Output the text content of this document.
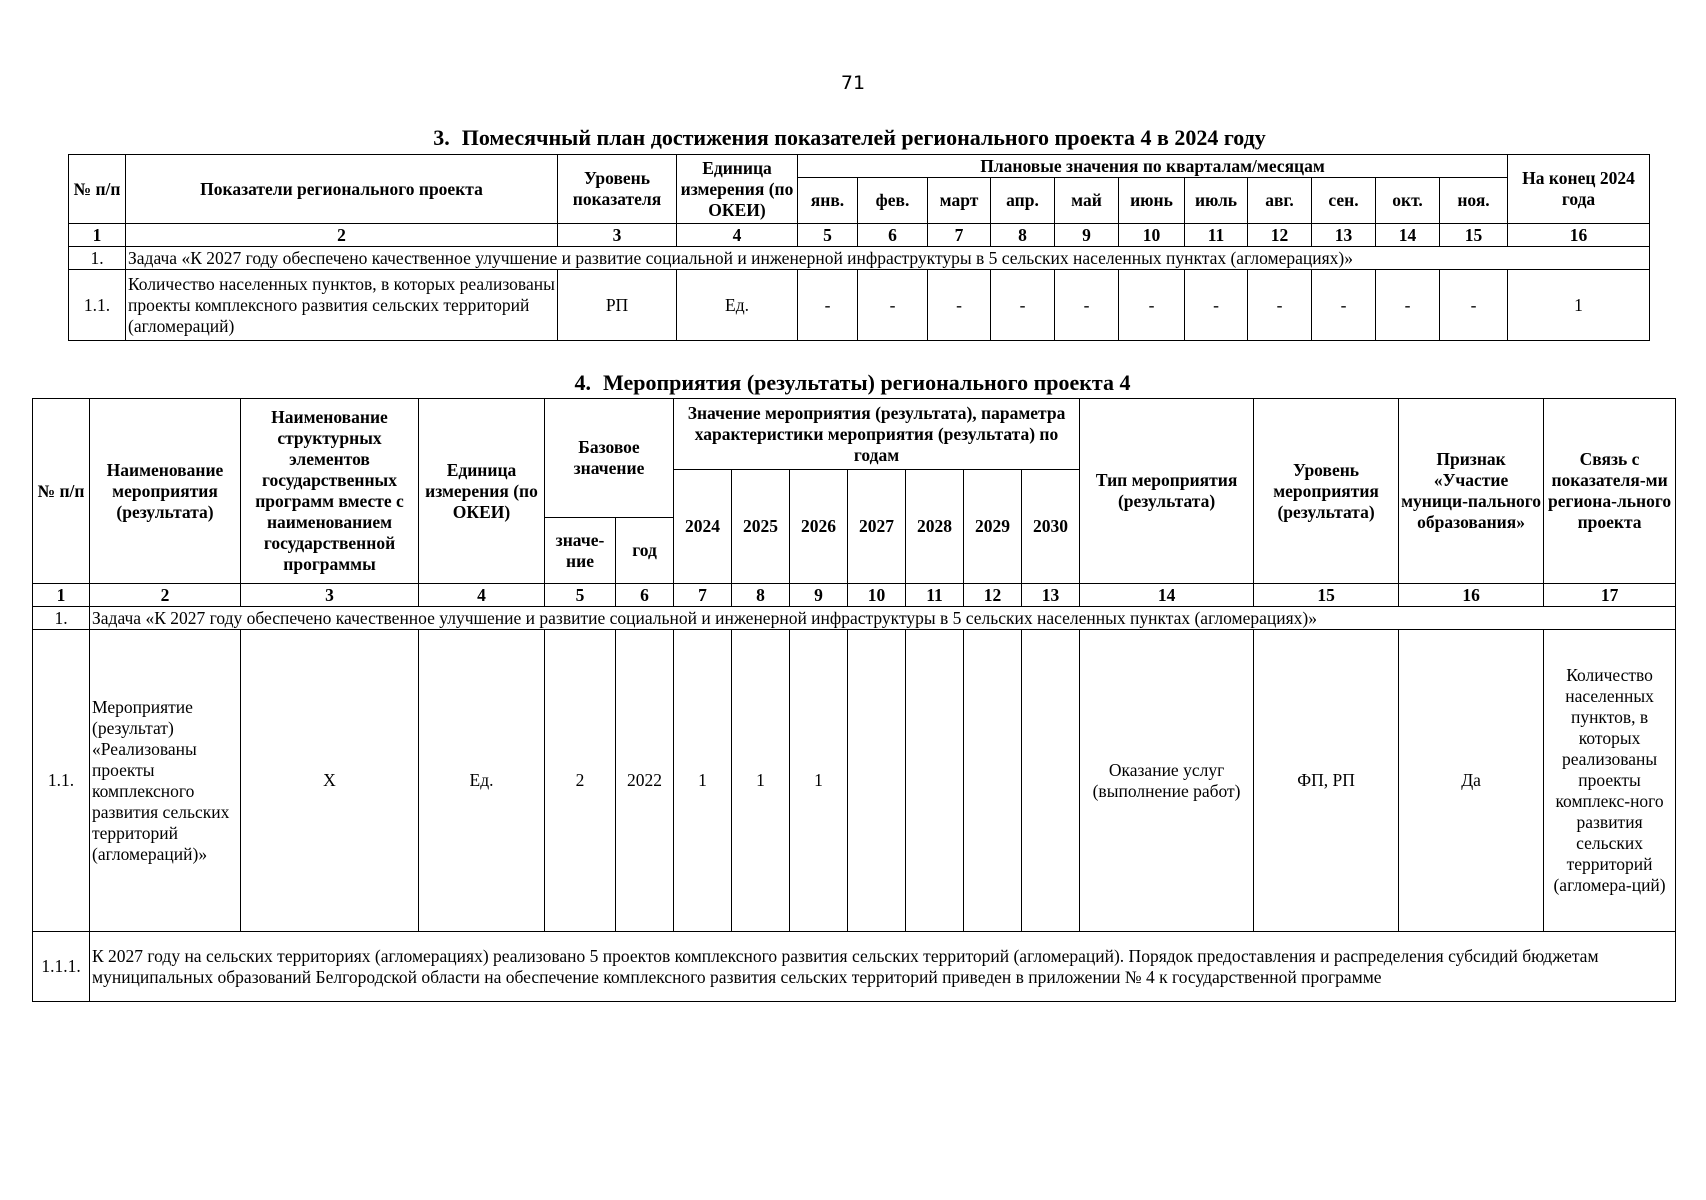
71
3. Помесячный план достижения показателей регионального проекта 4 в 2024 году
№ п/п	Показатели регионального проекта	Уровень показателя	Единица измерения (по ОКЕИ)	Плановые значения по кварталам/месяцам											На конец 2024 года
				янв.	фев.	март	апр.	май	июнь	июль	авг.	сен.	окт.	ноя.	
1	2	3	4	5	6	7	8	9	10	11	12	13	14	15	16
1.	Задача «К 2027 году обеспечено качественное улучшение и развитие социальной и инженерной инфраструктуры в 5 сельских населенных пунктах (агломерациях)»														
1.1.	Количество населенных пунктов, в которых реализованы проекты комплексного развития сельских территорий (агломераций)	РП	Ед.	-	-	-	-	-	-	-	-	-	-	-	1
4. Мероприятия (результаты) регионального проекта 4
№ п/п	Наименование мероприятия (результата)	Наименование структурных элементов государственных программ вместе с наименованием государственной программы	Единица измерения (по ОКЕИ)	Базовое значение		Значение мероприятия (результата), параметра характеристики мероприятия (результата) по годам							Тип мероприятия (результата)	Уровень мероприятия (результата)	Признак «Участие муници-пального образования»	Связь с показателя-ми регионa-льного проекта
						2024	2025	2026	2027	2028	2029	2030				
				значе-ние	год											
1	2	3	4	5	6	7	8	9	10	11	12	13	14	15	16	17
1.	Задача «К 2027 году обеспечено качественное улучшение и развитие социальной и инженерной инфраструктуры в 5 сельских населенных пунктах (агломерациях)»															
1.1.	Мероприятие (результат) «Реализованы проекты комплексного развития сельских территорий (агломераций)»	Х	Ед.	2	2022	1	1	1					Оказание услуг (выполнение работ)	ФП, РП	Да	Количество населенных пунктов, в которых реализованы проекты комплекс-ного развития сельских территорий (агломера-ций)
1.1.1.	К 2027 году на сельских территориях (агломерациях) реализовано 5 проектов комплексного развития сельских территорий (агломераций). Порядок предоставления и распределения субсидий бюджетам муниципальных образований Белгородской области на обеспечение комплексного развития сельских территорий приведен в приложении № 4 к государственной программе															
